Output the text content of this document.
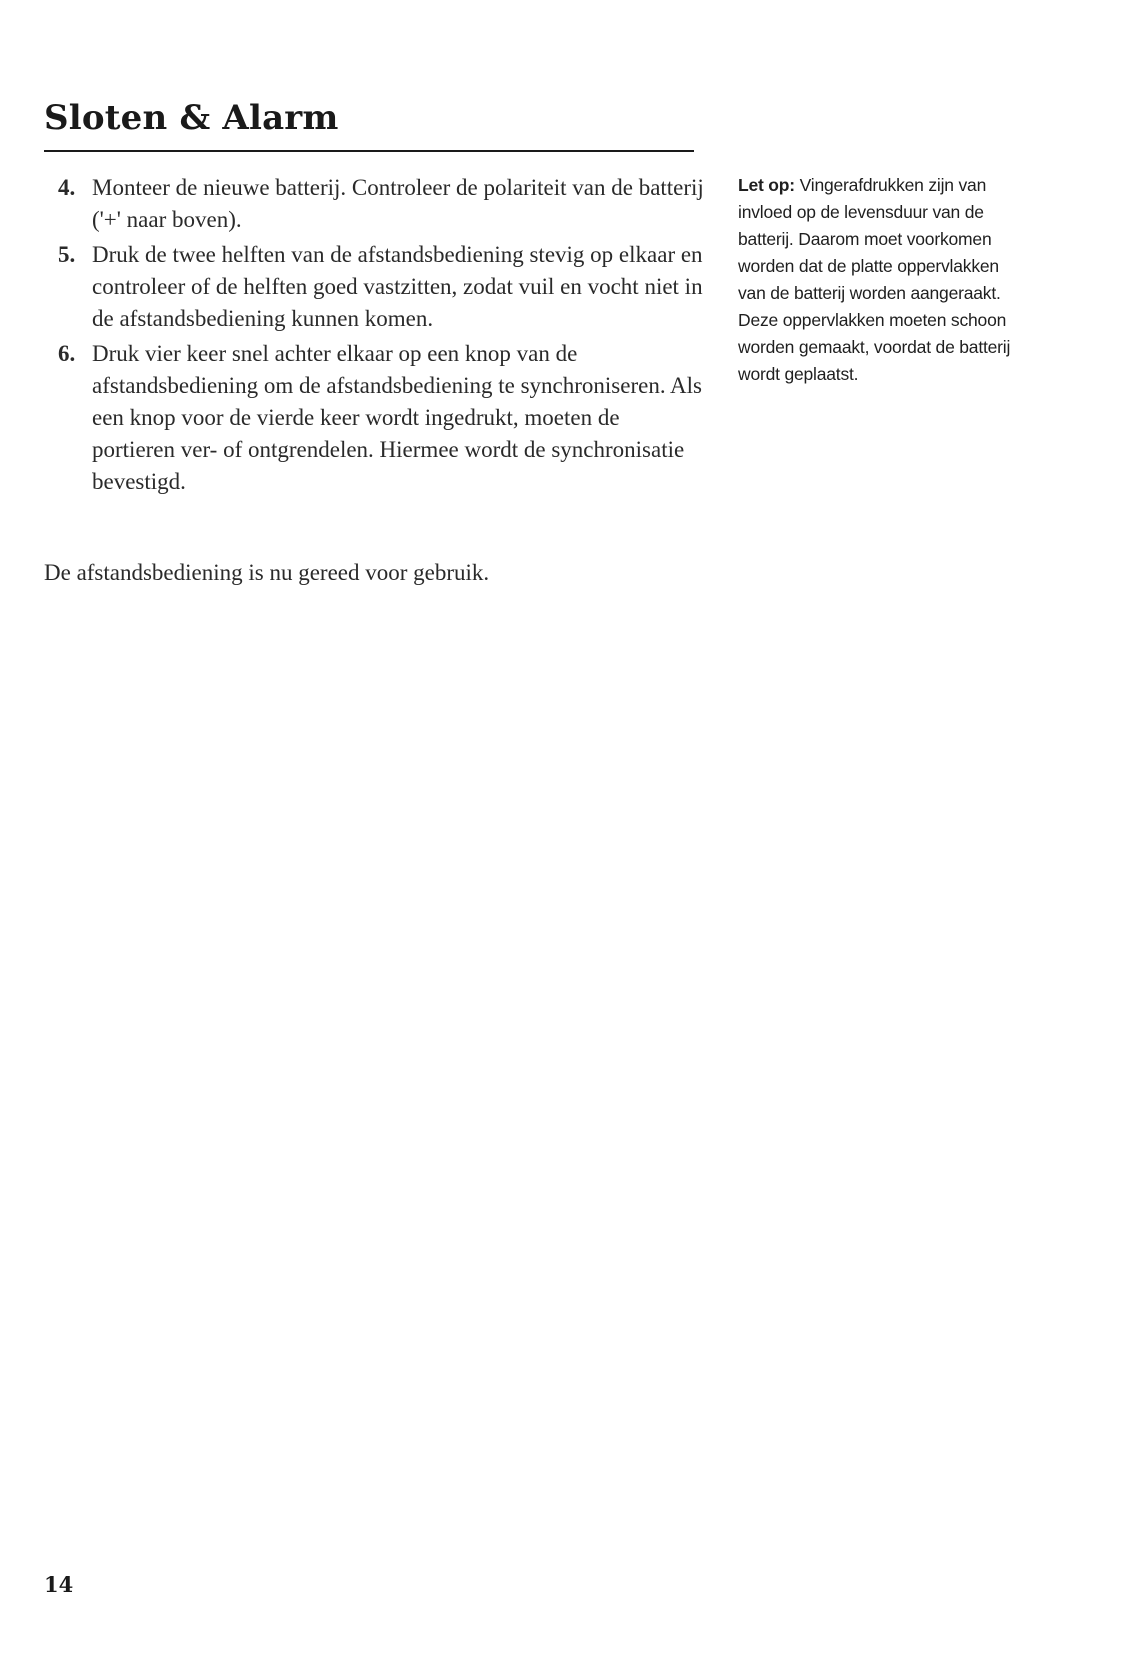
Sloten & Alarm
4. Monteer de nieuwe batterij. Controleer de polariteit van de batterij ('+' naar boven).
5. Druk de twee helften van de afstandsbediening stevig op elkaar en controleer of de helften goed vastzitten, zodat vuil en vocht niet in de afstandsbediening kunnen komen.
6. Druk vier keer snel achter elkaar op een knop van de afstandsbediening om de afstandsbediening te synchroniseren. Als een knop voor de vierde keer wordt ingedrukt, moeten de portieren ver- of ontgrendelen. Hiermee wordt de synchronisatie bevestigd.

De afstandsbediening is nu gereed voor gebruik.

Let op: Vingerafdrukken zijn van invloed op de levensduur van de batterij. Daarom moet voorkomen worden dat de platte oppervlakken van de batterij worden aangeraakt. Deze oppervlakken moeten schoon worden gemaakt, voordat de batterij wordt geplaatst.

14
